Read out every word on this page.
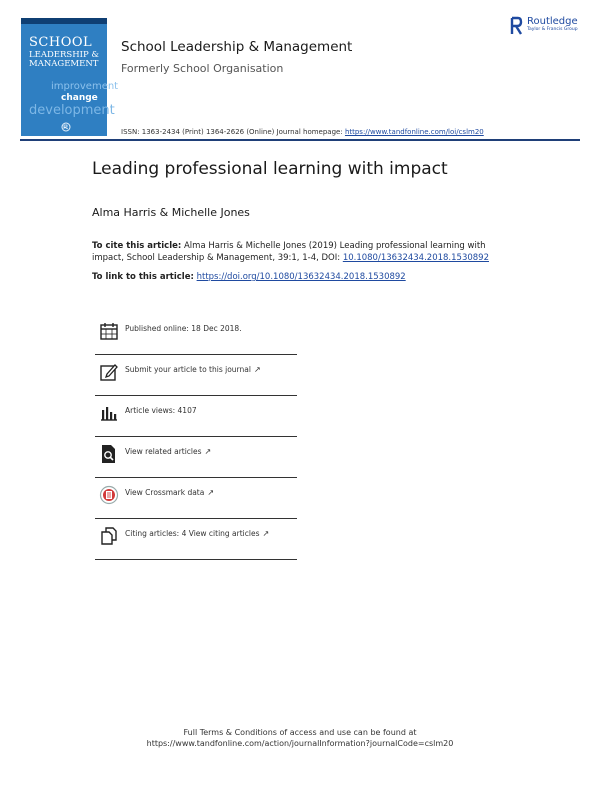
SCHOOL
LEADERSHIP &
MANAGEMENT
improvement
change
development
School Leadership & Management
Formerly School Organisation
ISSN: 1363-2434 (Print) 1364-2626 (Online) Journal homepage: https://www.tandfonline.com/loi/cslm20
Routledge
Taylor & Francis Group
Leading professional learning with impact
Alma Harris & Michelle Jones
To cite this article: Alma Harris & Michelle Jones (2019) Leading professional learning with impact, School Leadership & Management, 39:1, 1-4, DOI: 10.1080/13632434.2018.1530892
To link to this article: https://doi.org/10.1080/13632434.2018.1530892
Published online: 18 Dec 2018.
Submit your article to this journal ↗
Article views: 4107
View related articles ↗
View Crossmark data ↗
Citing articles: 4 View citing articles ↗
Full Terms & Conditions of access and use can be found at
https://www.tandfonline.com/action/journalInformation?journalCode=cslm20
